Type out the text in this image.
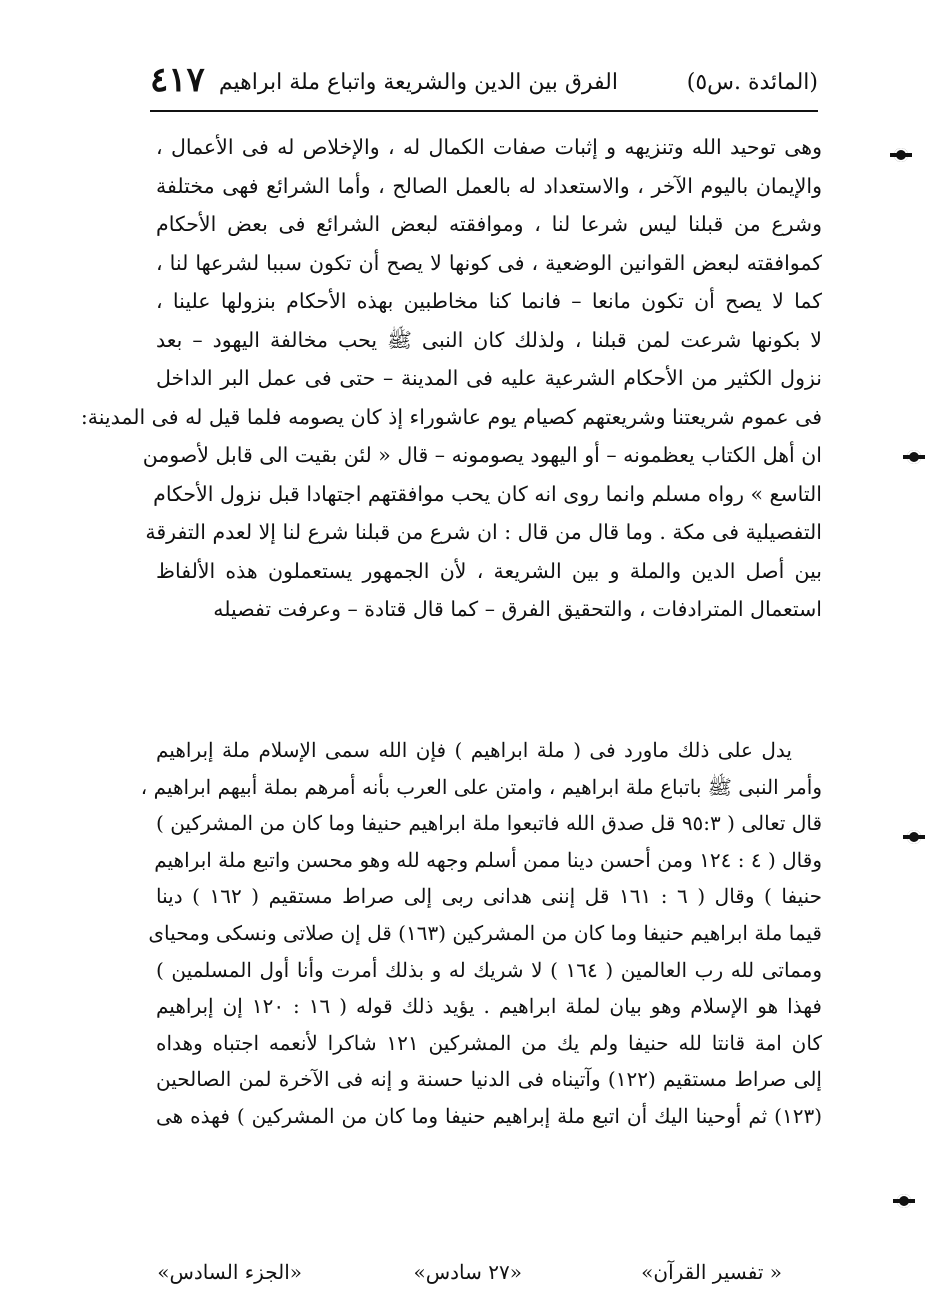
(المائدة .س٥)
الفرق بين الدين والشريعة واتباع ملة ابراهيم
٤١٧
وهى توحيد الله وتنزيهه و إثبات صفات الكمال له ، والإخلاص له فى الأعمال ،
والإيمان باليوم الآخر ، والاستعداد له بالعمل الصالح ، وأما الشرائع فهى مختلفة
وشرع من قبلنا ليس شرعا لنا ، وموافقته لبعض الشرائع فى بعض الأحكام
كموافقته لبعض القوانين الوضعية ، فى كونها لا يصح أن تكون سببا لشرعها لنا ،
كما لا يصح أن تكون مانعا – فانما كنا مخاطبين بهذه الأحكام بنزولها علينا ،
لا بكونها شرعت لمن قبلنا ، ولذلك كان النبى ﷺ يحب مخالفة اليهود – بعد
نزول الكثير من الأحكام الشرعية عليه فى المدينة – حتى فى عمل البر الداخل
فى عموم شريعتنا وشريعتهم كصيام يوم عاشوراء إذ كان يصومه فلما قيل له فى المدينة:
ان أهل الكتاب يعظمونه – أو اليهود يصومونه – قال « لئن بقيت الى قابل لأصومن
التاسع » رواه مسلم وانما روى انه كان يحب موافقتهم اجتهادا قبل نزول الأحكام
التفصيلية فى مكة . وما قال من قال : ان شرع من قبلنا شرع لنا إلا لعدم التفرقة
بين أصل الدين والملة و بين الشريعة ، لأن الجمهور يستعملون هذه الألفاظ
استعمال المترادفات ، والتحقيق الفرق – كما قال قتادة – وعرفت تفصيله
يدل على ذلك ماورد فى ( ملة ابراهيم ) فإن الله سمى الإسلام ملة إبراهيم
وأمر النبى ﷺ باتباع ملة ابراهيم ، وامتن على العرب بأنه أمرهم بملة أبيهم ابراهيم ،
قال تعالى ( ٩٥:٣ قل صدق الله فاتبعوا ملة ابراهيم حنيفا وما كان من المشركين )
وقال ( ٤ : ١٢٤ ومن أحسن دينا ممن أسلم وجهه لله وهو محسن واتبع ملة ابراهيم
حنيفا ) وقال ( ٦ : ١٦١ قل إننى هدانى ربى إلى صراط مستقيم ( ١٦٢ ) دينا
قيما ملة ابراهيم حنيفا وما كان من المشركين (١٦٣) قل إن صلاتى ونسكى ومحياى
ومماتى لله رب العالمين ( ١٦٤ ) لا شريك له و بذلك أمرت وأنا أول المسلمين )
فهذا هو الإسلام وهو بيان لملة ابراهيم . يؤيد ذلك قوله ( ١٦ : ١٢٠ إن إبراهيم
كان امة قانتا لله حنيفا ولم يك من المشركين ١٢١ شاكرا لأنعمه اجتباه وهداه
إلى صراط مستقيم (١٢٢) وآتيناه فى الدنيا حسنة و إنه فى الآخرة لمن الصالحين
(١٢٣) ثم أوحينا اليك أن اتبع ملة إبراهيم حنيفا وما كان من المشركين ) فهذه هى
« تفسير القرآن»
«٢٧ سادس»
«الجزء السادس»
